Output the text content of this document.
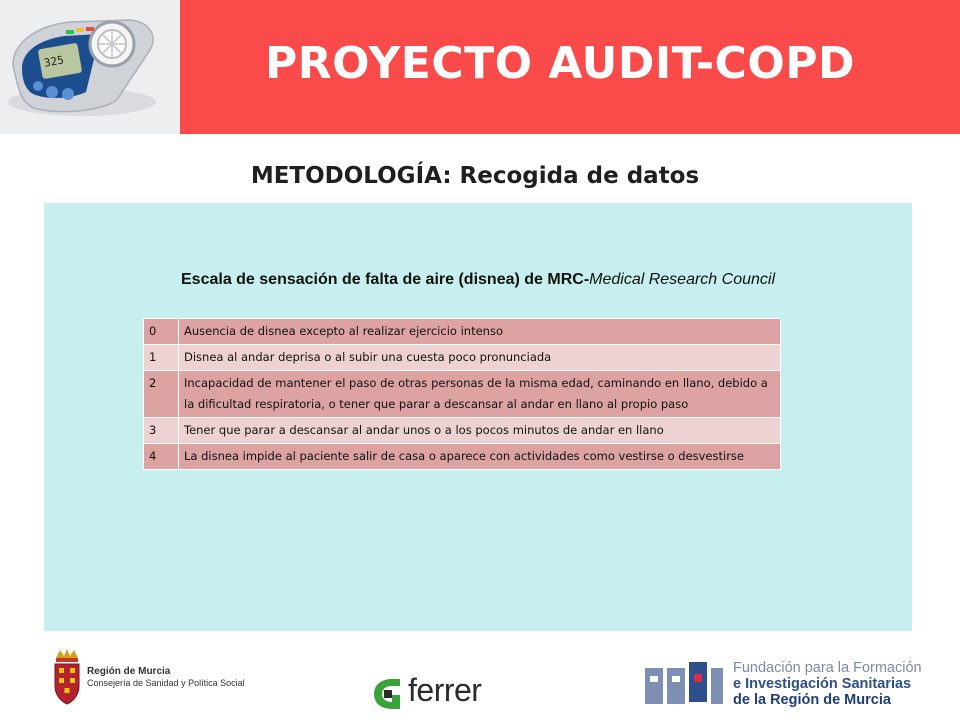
325	PROYECTO AUDIT-COPD
METODOLOGÍA: Recogida de datos
Escala de sensación de falta de aire (disnea) de MRC-Medical Research Council
0	Ausencia de disnea excepto al realizar ejercicio intenso
1	Disnea al andar deprisa o al subir una cuesta poco pronunciada
2	Incapacidad de mantener el paso de otras personas de la misma edad, caminando en llano, debido a la dificultad respiratoria, o tener que parar a descansar al andar en llano al propio paso
3	Tener que parar a descansar al andar unos o a los pocos minutos de andar en llano
4	La disnea impide al paciente salir de casa o aparece con actividades como vestirse o desvestirse
Región de Murcia
Consejería de Sanidad y Política Social	ferrer
Fundación para la Formación
e Investigación Sanitarias
de la Región de Murcia
